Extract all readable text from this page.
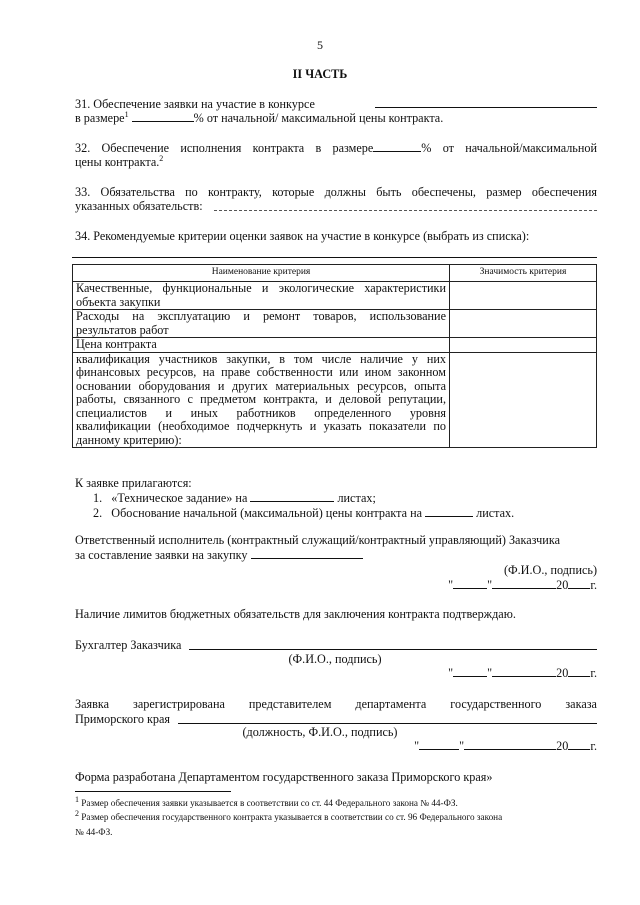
5
II ЧАСТЬ
31. Обеспечение заявки на участие в конкурсе
в размере$^1$	% от начальной/ максимальной цены контракта.
32. Обеспечение исполнения контракта в размере	% от начальной/максимальной
цены контракта.$^2$
33. Обязательства по контракту, которые должны быть обеспечены, размер обеспечения
указанных обязательств:
34. Рекомендуемые критерии оценки заявок на участие в конкурсе (выбрать из списка):
Наименование критерия	Значимость критерия
Качественные, функциональные и экологические характеристики объекта закупки	
Расходы на эксплуатацию и ремонт товаров, использование результатов работ	
Цена контракта	
квалификация участников закупки, в том числе наличие у них финансовых ресурсов, на праве собственности или ином законном основании оборудования и других материальных ресурсов, опыта работы, связанного с предметом контракта, и деловой репутации, специалистов и иных работников определенного уровня квалификации (необходимое подчеркнуть и указать показатели по данному критерию):	
К заявке прилагаются:
1. «Техническое задание» на	листах;
2. Обоснование начальной (максимальной) цены контракта на	листах.
Ответственный исполнитель (контрактный служащий/контрактный управляющий) Заказчика
за составление заявки на закупку
(Ф.И.О., подпись)
"	"	20 г.
Наличие лимитов бюджетных обязательств для заключения контракта подтверждаю.
Бухгалтер Заказчика
(Ф.И.О., подпись)
"	"	20 г.
Заявка зарегистрирована представителем департамента государственного заказа
Приморского края
(должность, Ф.И.О., подпись)
"	"	20 г.
Форма разработана Департаментом государственного заказа Приморского края»
$^1$ Размер обеспечения заявки указывается в соответствии со ст. 44 Федерального закона № 44-ФЗ.
$^2$ Размер обеспечения государственного контракта указывается в соответствии со ст. 96 Федерального закона
№ 44-ФЗ.
